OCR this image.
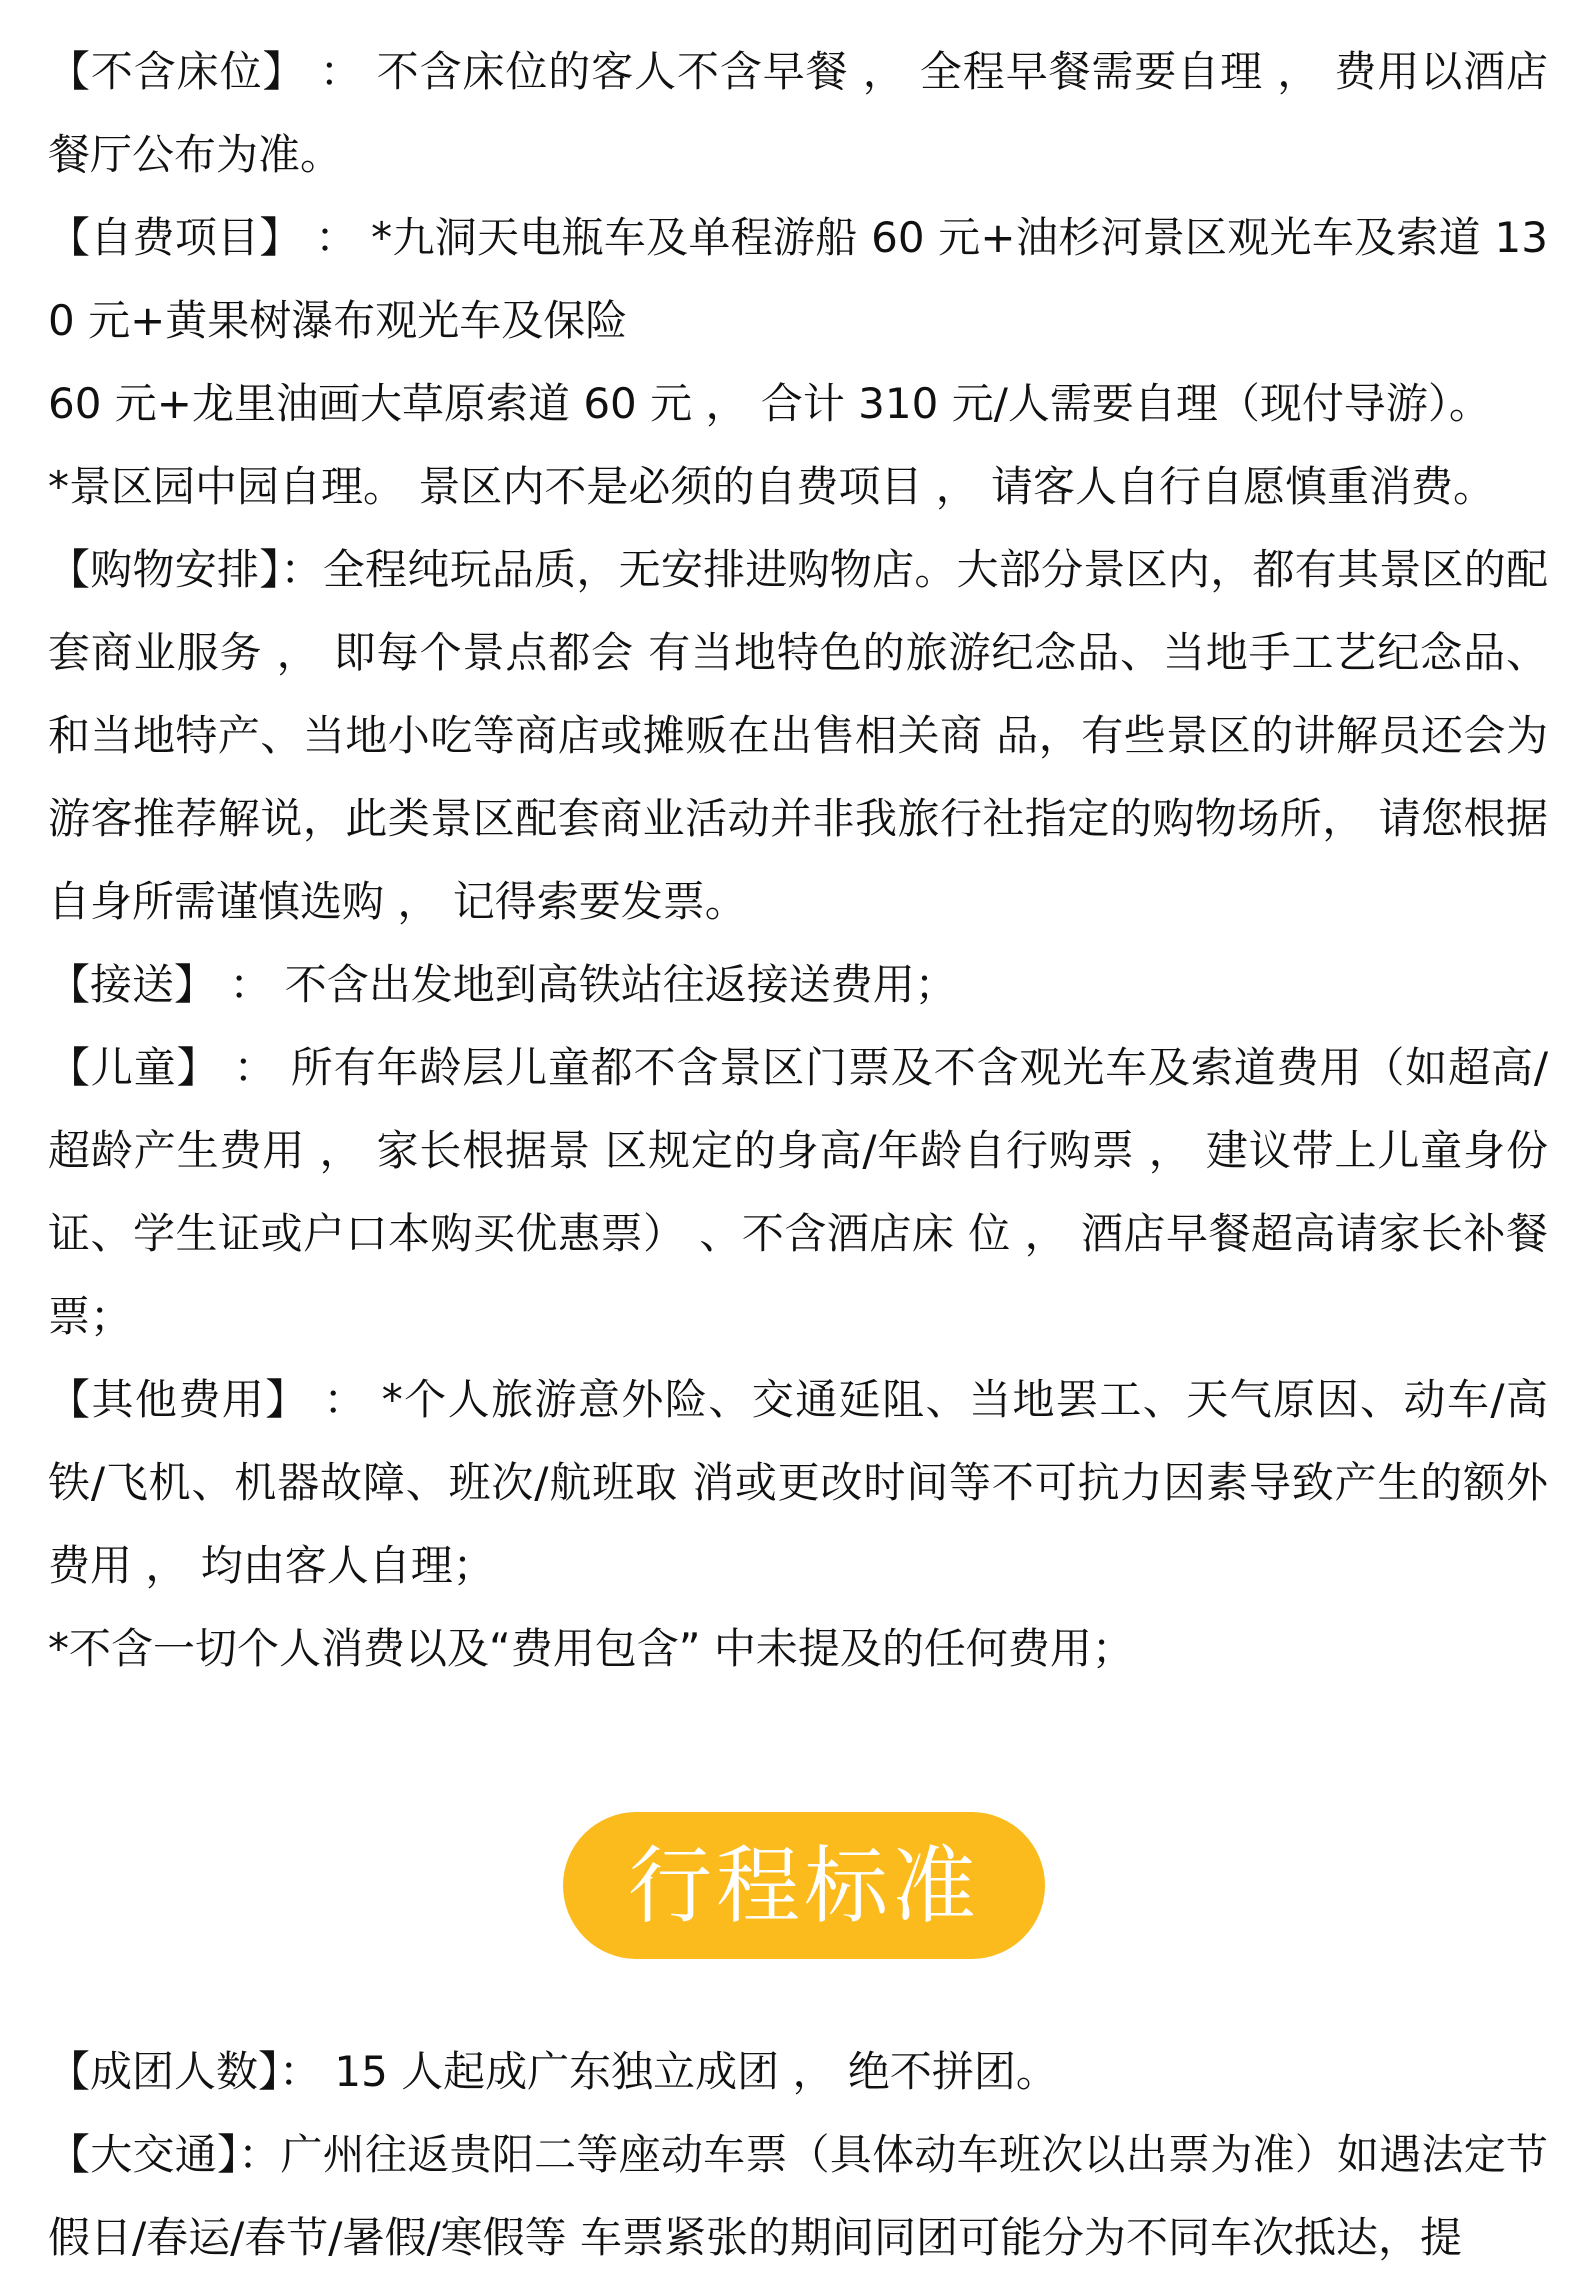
【不含床位】 ： 不含床位的客人不含早餐 ， 全程早餐需要自理 ， 费用以酒店餐厅公布为准。

【自费项目】 ： *九洞天电瓶车及单程游船 60 元+油杉河景区观光车及索道 130 元+黄果树瀑布观光车及保险

60 元+龙里油画大草原索道 60 元 ， 合计 310 元/人需要自理（现付导游）。

*景区园中园自理。 景区内不是必须的自费项目 ， 请客人自行自愿慎重消费。

【购物安排】：全程纯玩品质，无安排进购物店。大部分景区内，都有其景区的配套商业服务 ， 即每个景点都会 有当地特色的旅游纪念品、当地手工艺纪念品、和当地特产、当地小吃等商店或摊贩在出售相关商 品，有些景区的讲解员还会为游客推荐解说，此类景区配套商业活动并非我旅行社指定的购物场所， 请您根据自身所需谨慎选购 ， 记得索要发票。

【接送】 ： 不含出发地到高铁站往返接送费用；

【儿童】 ： 所有年龄层儿童都不含景区门票及不含观光车及索道费用（如超高/超龄产生费用 ， 家长根据景 区规定的身高/年龄自行购票 ， 建议带上儿童身份证、学生证或户口本购买优惠票） 、不含酒店床 位 ， 酒店早餐超高请家长补餐票；

【其他费用】 ： *个人旅游意外险、交通延阻、当地罢工、天气原因、动车/高铁/飞机、机器故障、班次/航班取 消或更改时间等不可抗力因素导致产生的额外费用 ， 均由客人自理；

*不含一切个人消费以及“费用包含” 中未提及的任何费用；

行程标准

【成团人数】： 15 人起成广东独立成团 ， 绝不拼团。

【大交通】：广州往返贵阳二等座动车票（具体动车班次以出票为准）如遇法定节假日/春运/春节/暑假/寒假等 车票紧张的期间同团可能分为不同车次抵达，提
